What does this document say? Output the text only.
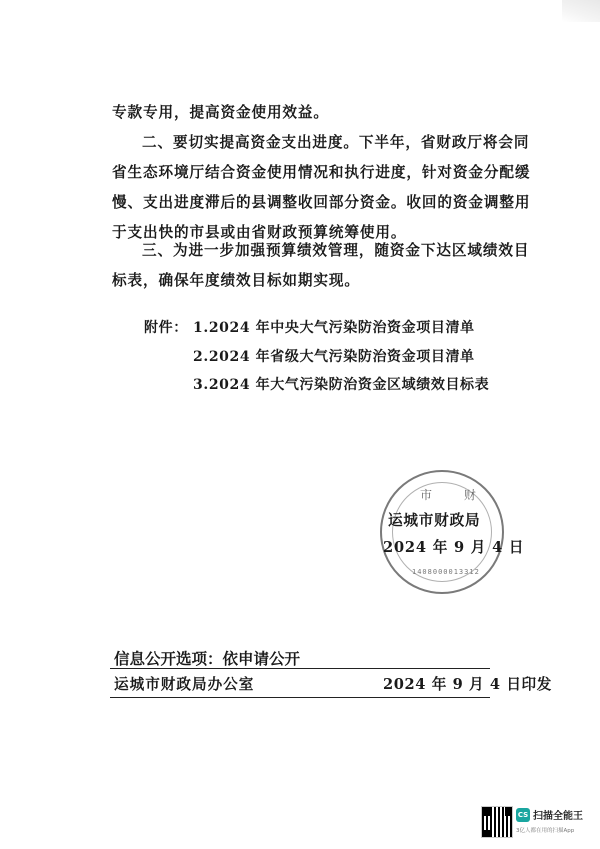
专款专用，提高资金使用效益。

二、要切实提高资金支出进度。下半年，省财政厅将会同
省生态环境厅结合资金使用情况和执行进度，针对资金分配缓
慢、支出进度滞后的县调整收回部分资金。收回的资金调整用
于支出快的市县或由省财政预算统筹使用。

三、为进一步加强预算绩效管理，随资金下达区域绩效目
标表，确保年度绩效目标如期实现。

附件： 1.2024 年中央大气污染防治资金项目清单
2.2024 年省级大气污染防治资金项目清单
3.2024 年大气污染防治资金区域绩效目标表
市 财
1408000013312
运城市财政局
2024 年 9 月 4 日
信息公开选项：依申请公开
运城市财政局办公室	2024 年 9 月 4 日印发
CS 扫描全能王
3亿人都在用的扫描App
